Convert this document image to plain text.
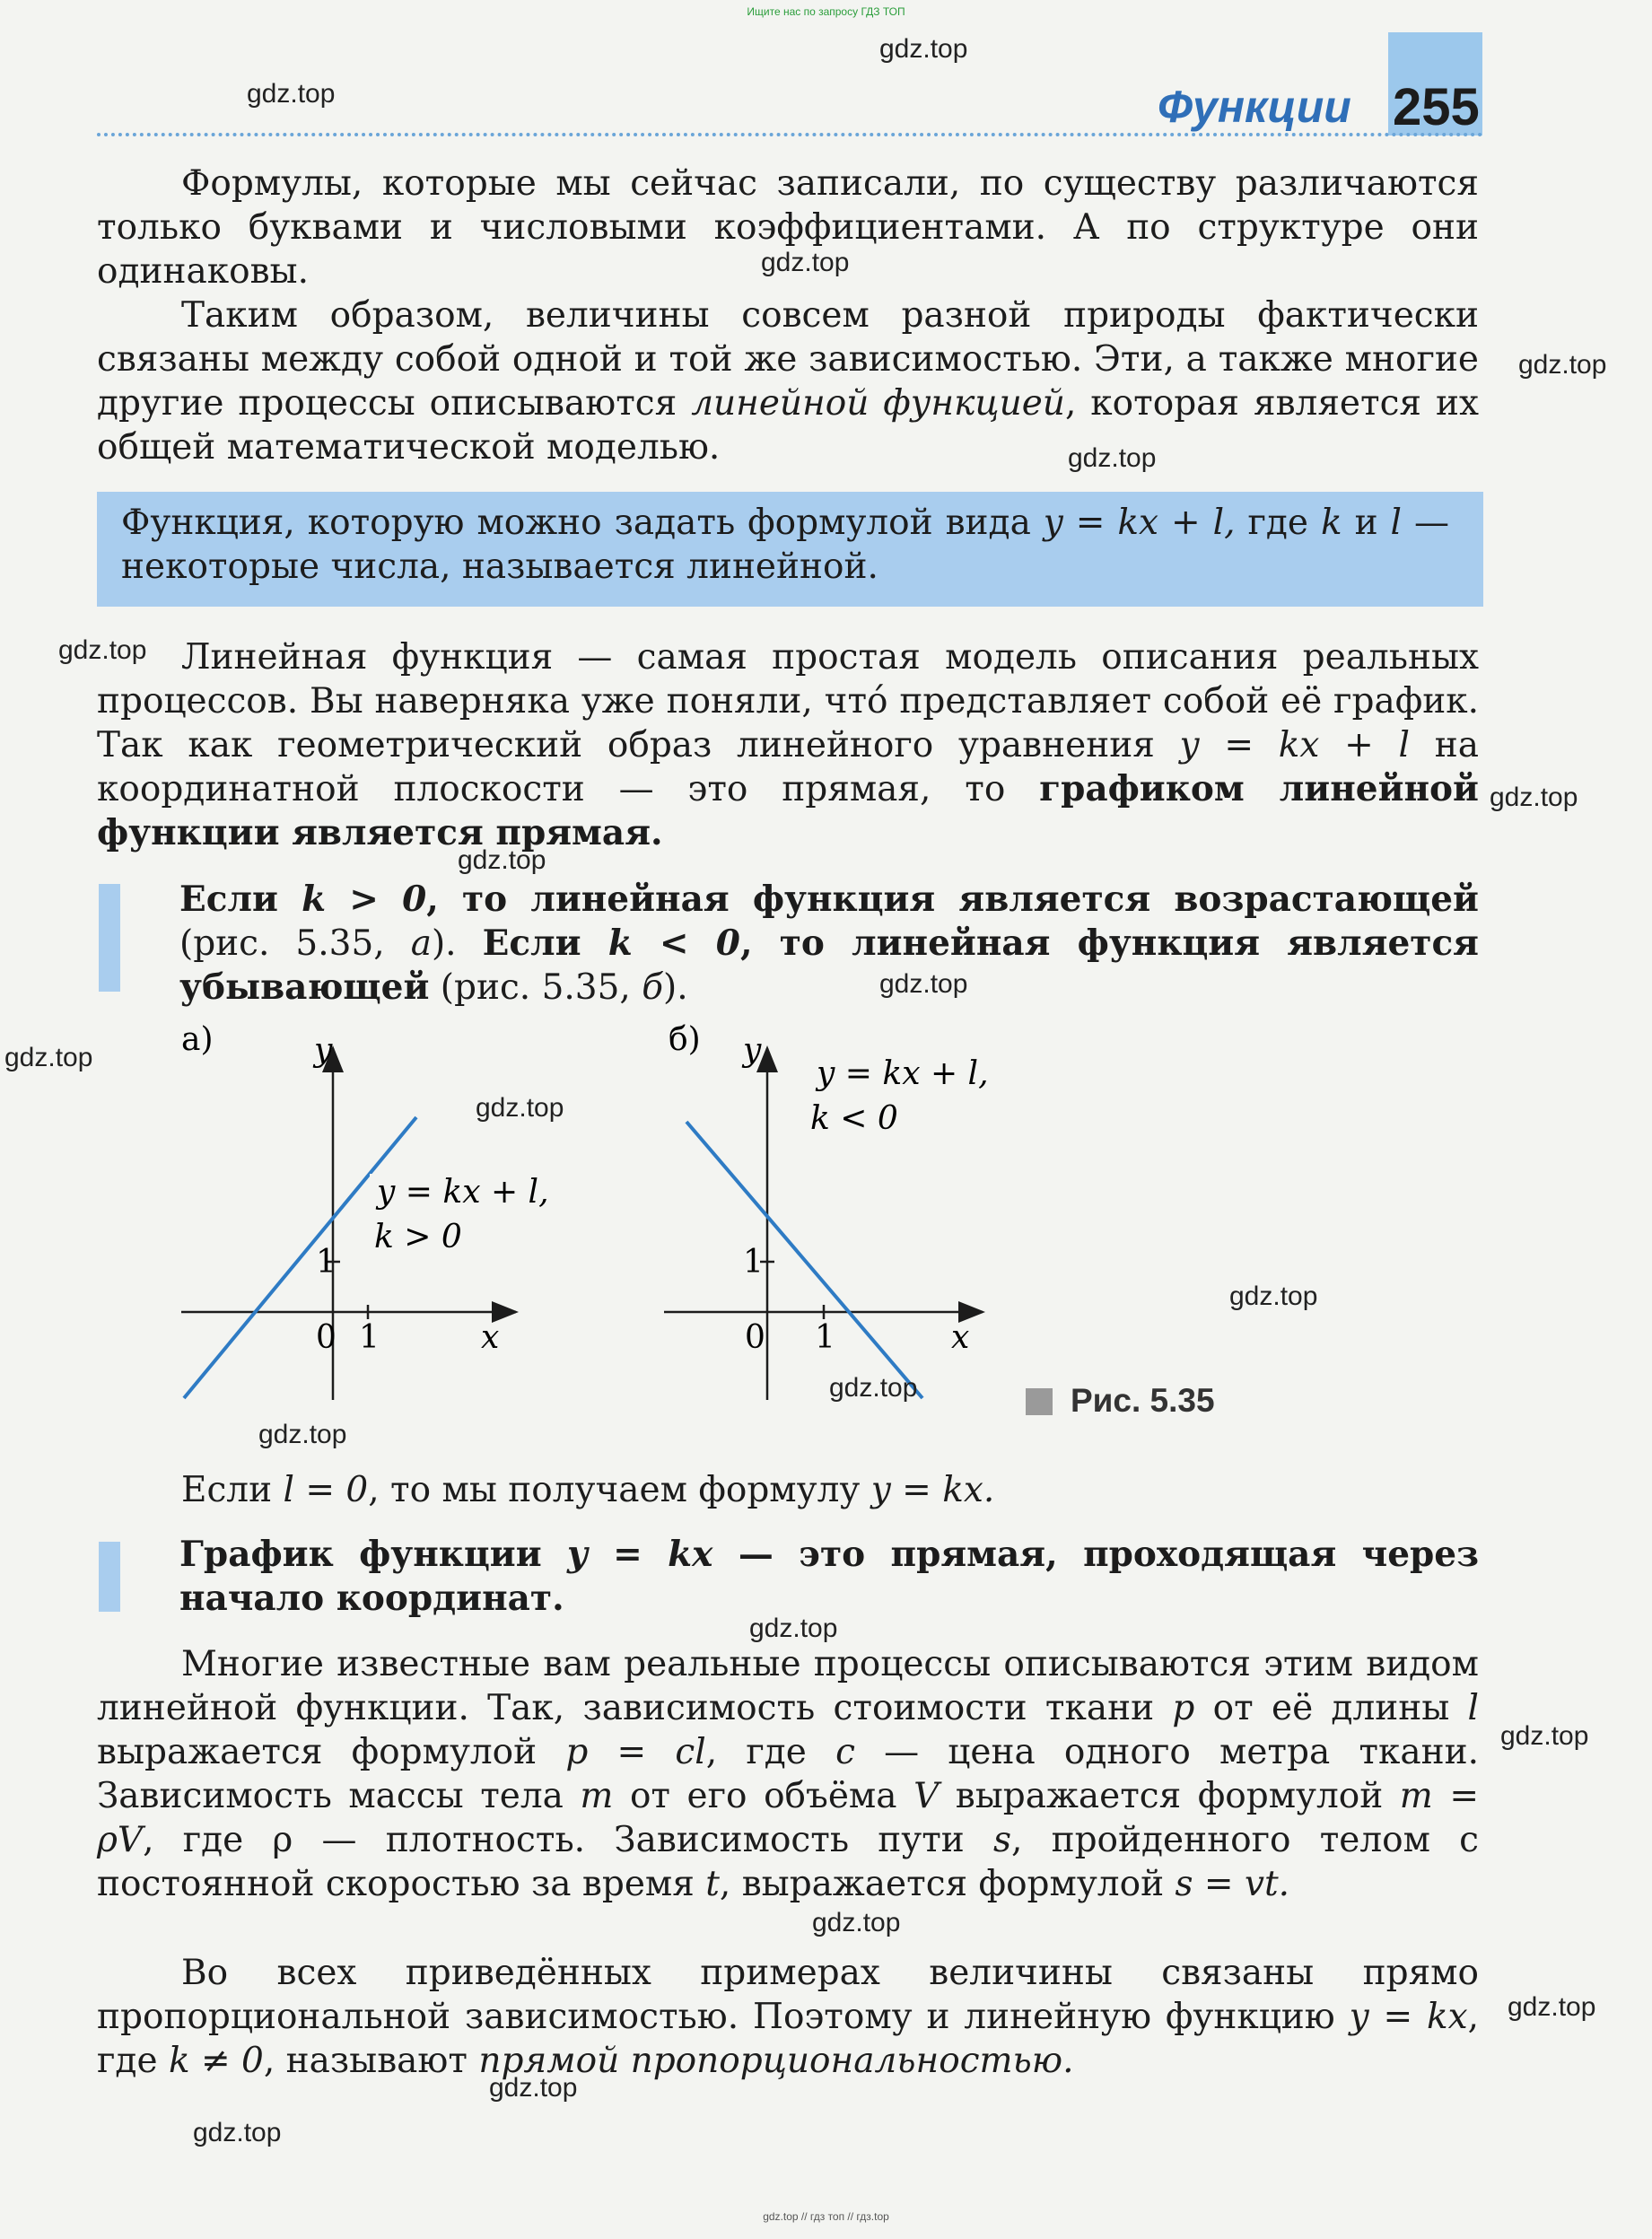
Ищите нас по запросу ГДЗ ТОП
Функции 255

Формулы, которые мы сейчас записали, по существу различаются только буквами и числовыми коэффициентами. А по структуре они одинаковы.

Таким образом, величины совсем разной природы фактически связаны между собой одной и той же зависимостью. Эти, а также многие другие процессы описываются линейной функцией, которая является их общей математической моделью.

Функция, которую можно задать формулой вида y = kx + l, где k и l — некоторые числа, называется линейной.

Линейная функция — самая простая модель описания реальных процессов. Вы наверняка уже поняли, что́ представляет собой её график. Так как геометрический образ линейного уравнения y = kx + l на координатной плоскости — это прямая, то графиком линейной функции является прямая.

Если k > 0, то линейная функция является возрастающей (рис. 5.35, а). Если k < 0, то линейная функция является убывающей (рис. 5.35, б).

а)	y
x
0 1
1
y = kx + l,
k > 0
б) y
x
0 1
1
y = kx + l,
k < 0
Рис. 5.35

Если l = 0, то мы получаем формулу y = kx.

График функции y = kx — это прямая, проходящая через начало координат.

Многие известные вам реальные процессы описываются этим видом линейной функции. Так, зависимость стоимости ткани p от её длины l выражается формулой p = cl, где c — цена одного метра ткани. Зависимость массы тела m от его объёма V выражается формулой m = ρV, где ρ — плотность. Зависимость пути s, пройденного телом с постоянной скоростью за время t, выражается формулой s = vt.

Во всех приведённых примерах величины связаны прямо пропорциональной зависимостью. Поэтому и линейную функцию y = kx, где k ≠ 0, называют прямой пропорциональностью.

gdz.top
gdz.top
gdz.top
gdz.top
gdz.top
gdz.top
gdz.top
gdz.top
gdz.top
gdz.top
gdz.top
gdz.top
gdz.top
gdz.top
gdz.top
gdz.top
gdz.top
gdz.top
gdz.top
gdz.top
gdz.top // гдз топ // гдз.top
